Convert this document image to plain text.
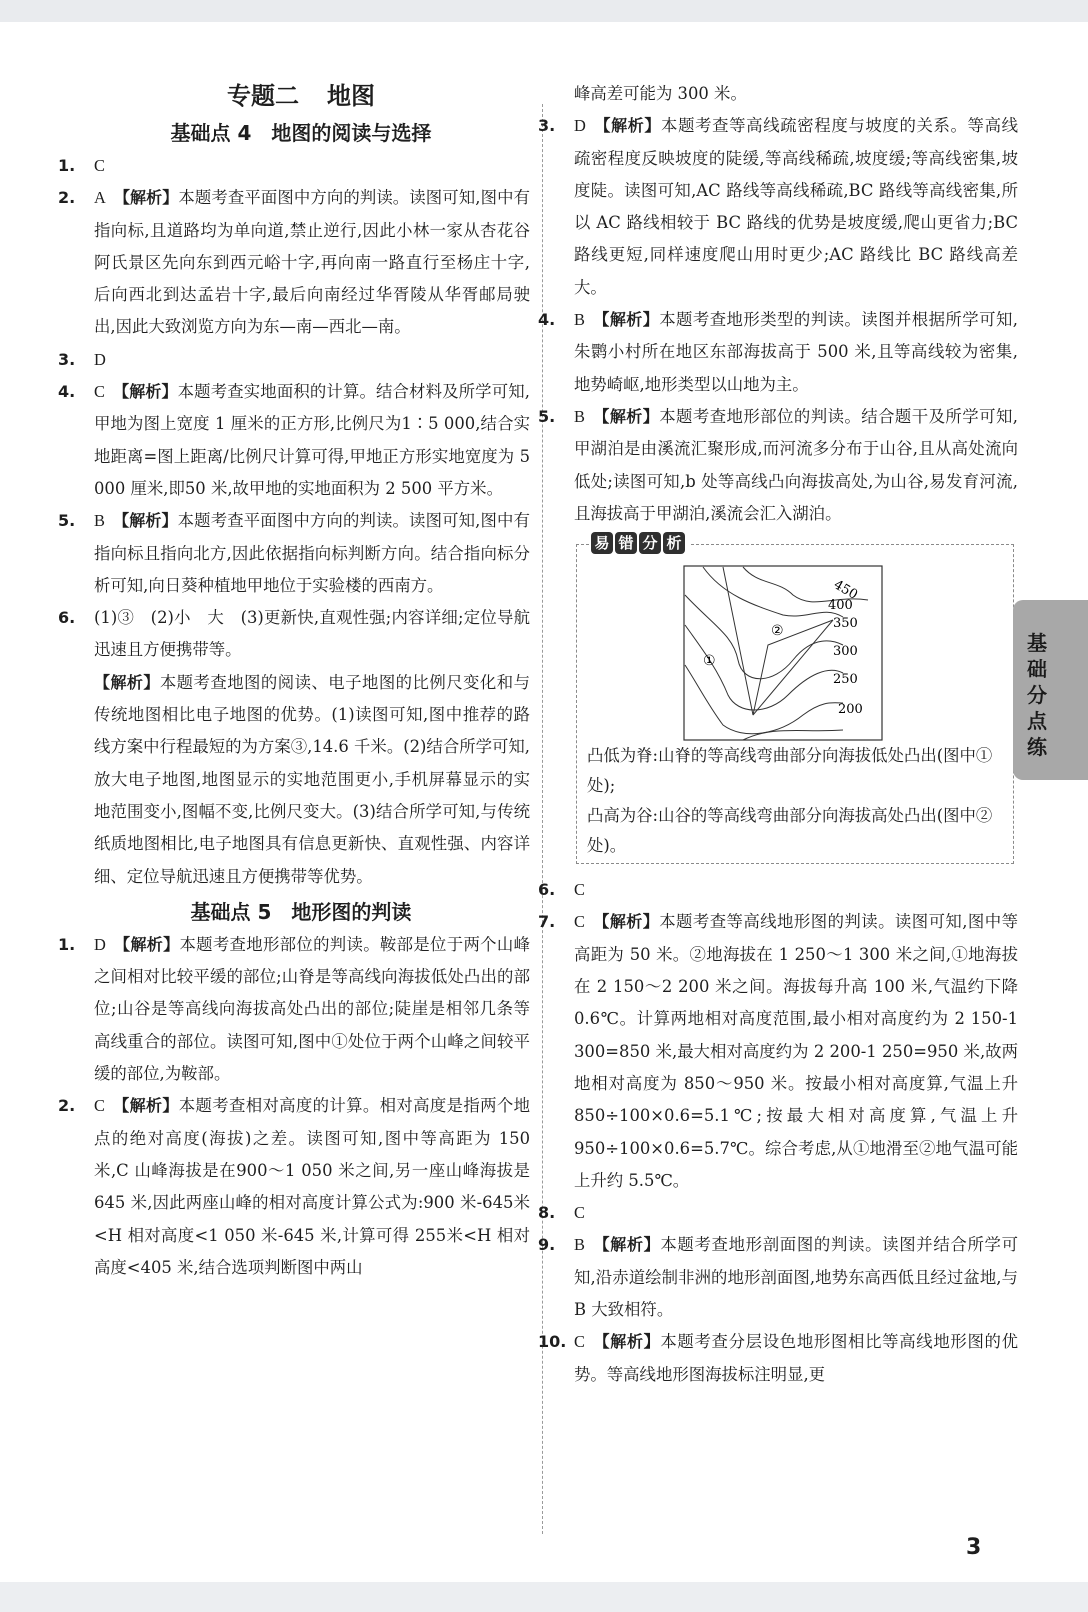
专题二 地图
基础点 4　地图的阅读与选择
1.	C
2.	A 【解析】本题考查平面图中方向的判读。读图可知,图中有指向标,且道路均为单向道,禁止逆行,因此小林一家从杏花谷阿氏景区先向东到西元峪十字,再向南一路直行至杨庄十字,后向西北到达孟岩十字,最后向南经过华胥陵从华胥邮局驶出,因此大致浏览方向为东—南—西北—南。
3.	D
4.	C 【解析】本题考查实地面积的计算。结合材料及所学可知,甲地为图上宽度 1 厘米的正方形,比例尺为1∶5 000,结合实地距离=图上距离/比例尺计算可得,甲地正方形实地宽度为 5 000 厘米,即50 米,故甲地的实地面积为 2 500 平方米。
5.	B 【解析】本题考查平面图中方向的判读。读图可知,图中有指向标且指向北方,因此依据指向标判断方向。结合指向标分析可知,向日葵种植地甲地位于实验楼的西南方。
6.	(1)③　(2)小　大　(3)更新快,直观性强;内容详细;定位导航迅速且方便携带等。
【解析】本题考查地图的阅读、电子地图的比例尺变化和与传统地图相比电子地图的优势。(1)读图可知,图中推荐的路线方案中行程最短的为方案③,14.6 千米。(2)结合所学可知,放大电子地图,地图显示的实地范围更小,手机屏幕显示的实地范围变小,图幅不变,比例尺变大。(3)结合所学可知,与传统纸质地图相比,电子地图具有信息更新快、直观性强、内容详细、定位导航迅速且方便携带等优势。
基础点 5　地形图的判读
1.	D 【解析】本题考查地形部位的判读。鞍部是位于两个山峰之间相对比较平缓的部位;山脊是等高线向海拔低处凸出的部位;山谷是等高线向海拔高处凸出的部位;陡崖是相邻几条等高线重合的部位。读图可知,图中①处位于两个山峰之间较平缓的部位,为鞍部。
2.	C 【解析】本题考查相对高度的计算。相对高度是指两个地点的绝对高度(海拔)之差。读图可知,图中等高距为 150 米,C 山峰海拔是在900～1 050 米之间,另一座山峰海拔是 645 米,因此两座山峰的相对高度计算公式为:900 米-645米<H 相对高度<1 050 米-645 米,计算可得 255米<H 相对高度<405 米,结合选项判断图中两山
峰高差可能为 300 米。
3.	D 【解析】本题考查等高线疏密程度与坡度的关系。等高线疏密程度反映坡度的陡缓,等高线稀疏,坡度缓;等高线密集,坡度陡。读图可知,AC 路线等高线稀疏,BC 路线等高线密集,所以 AC 路线相较于 BC 路线的优势是坡度缓,爬山更省力;BC 路线更短,同样速度爬山用时更少;AC 路线比 BC 路线高差大。
4.	B 【解析】本题考查地形类型的判读。读图并根据所学可知,朱鹮小村所在地区东部海拔高于 500 米,且等高线较为密集,地势崎岖,地形类型以山地为主。
5.	B 【解析】本题考查地形部位的判读。结合题干及所学可知,甲湖泊是由溪流汇聚形成,而河流多分布于山谷,且从高处流向低处;读图可知,b 处等高线凸向海拔高处,为山谷,易发育河流,且海拔高于甲湖泊,溪流会汇入湖泊。
易 错 分 析
450
400
350
300
250
200
①
②
凸低为脊:山脊的等高线弯曲部分向海拔低处凸出(图中①处);
凸高为谷:山谷的等高线弯曲部分向海拔高处凸出(图中②处)。
6.	C
7.	C 【解析】本题考查等高线地形图的判读。读图可知,图中等高距为 50 米。②地海拔在 1 250～1 300 米之间,①地海拔在 2 150～2 200 米之间。海拔每升高 100 米,气温约下降 0.6℃。计算两地相对高度范围,最小相对高度约为 2 150-1 300=850 米,最大相对高度约为 2 200-1 250=950 米,故两地相对高度为 850～950 米。按最小相对高度算,气温上升 850÷100×0.6=5.1℃;按最大相对高度算,气温上升 950÷100×0.6=5.7℃。综合考虑,从①地滑至②地气温可能上升约 5.5℃。
8.	C
9.	B 【解析】本题考查地形剖面图的判读。读图并结合所学可知,沿赤道绘制非洲的地形剖面图,地势东高西低且经过盆地,与 B 大致相符。
10. C 【解析】本题考查分层设色地形图相比等高线地形图的优势。等高线地形图海拔标注明显,更
基础分点练
3
